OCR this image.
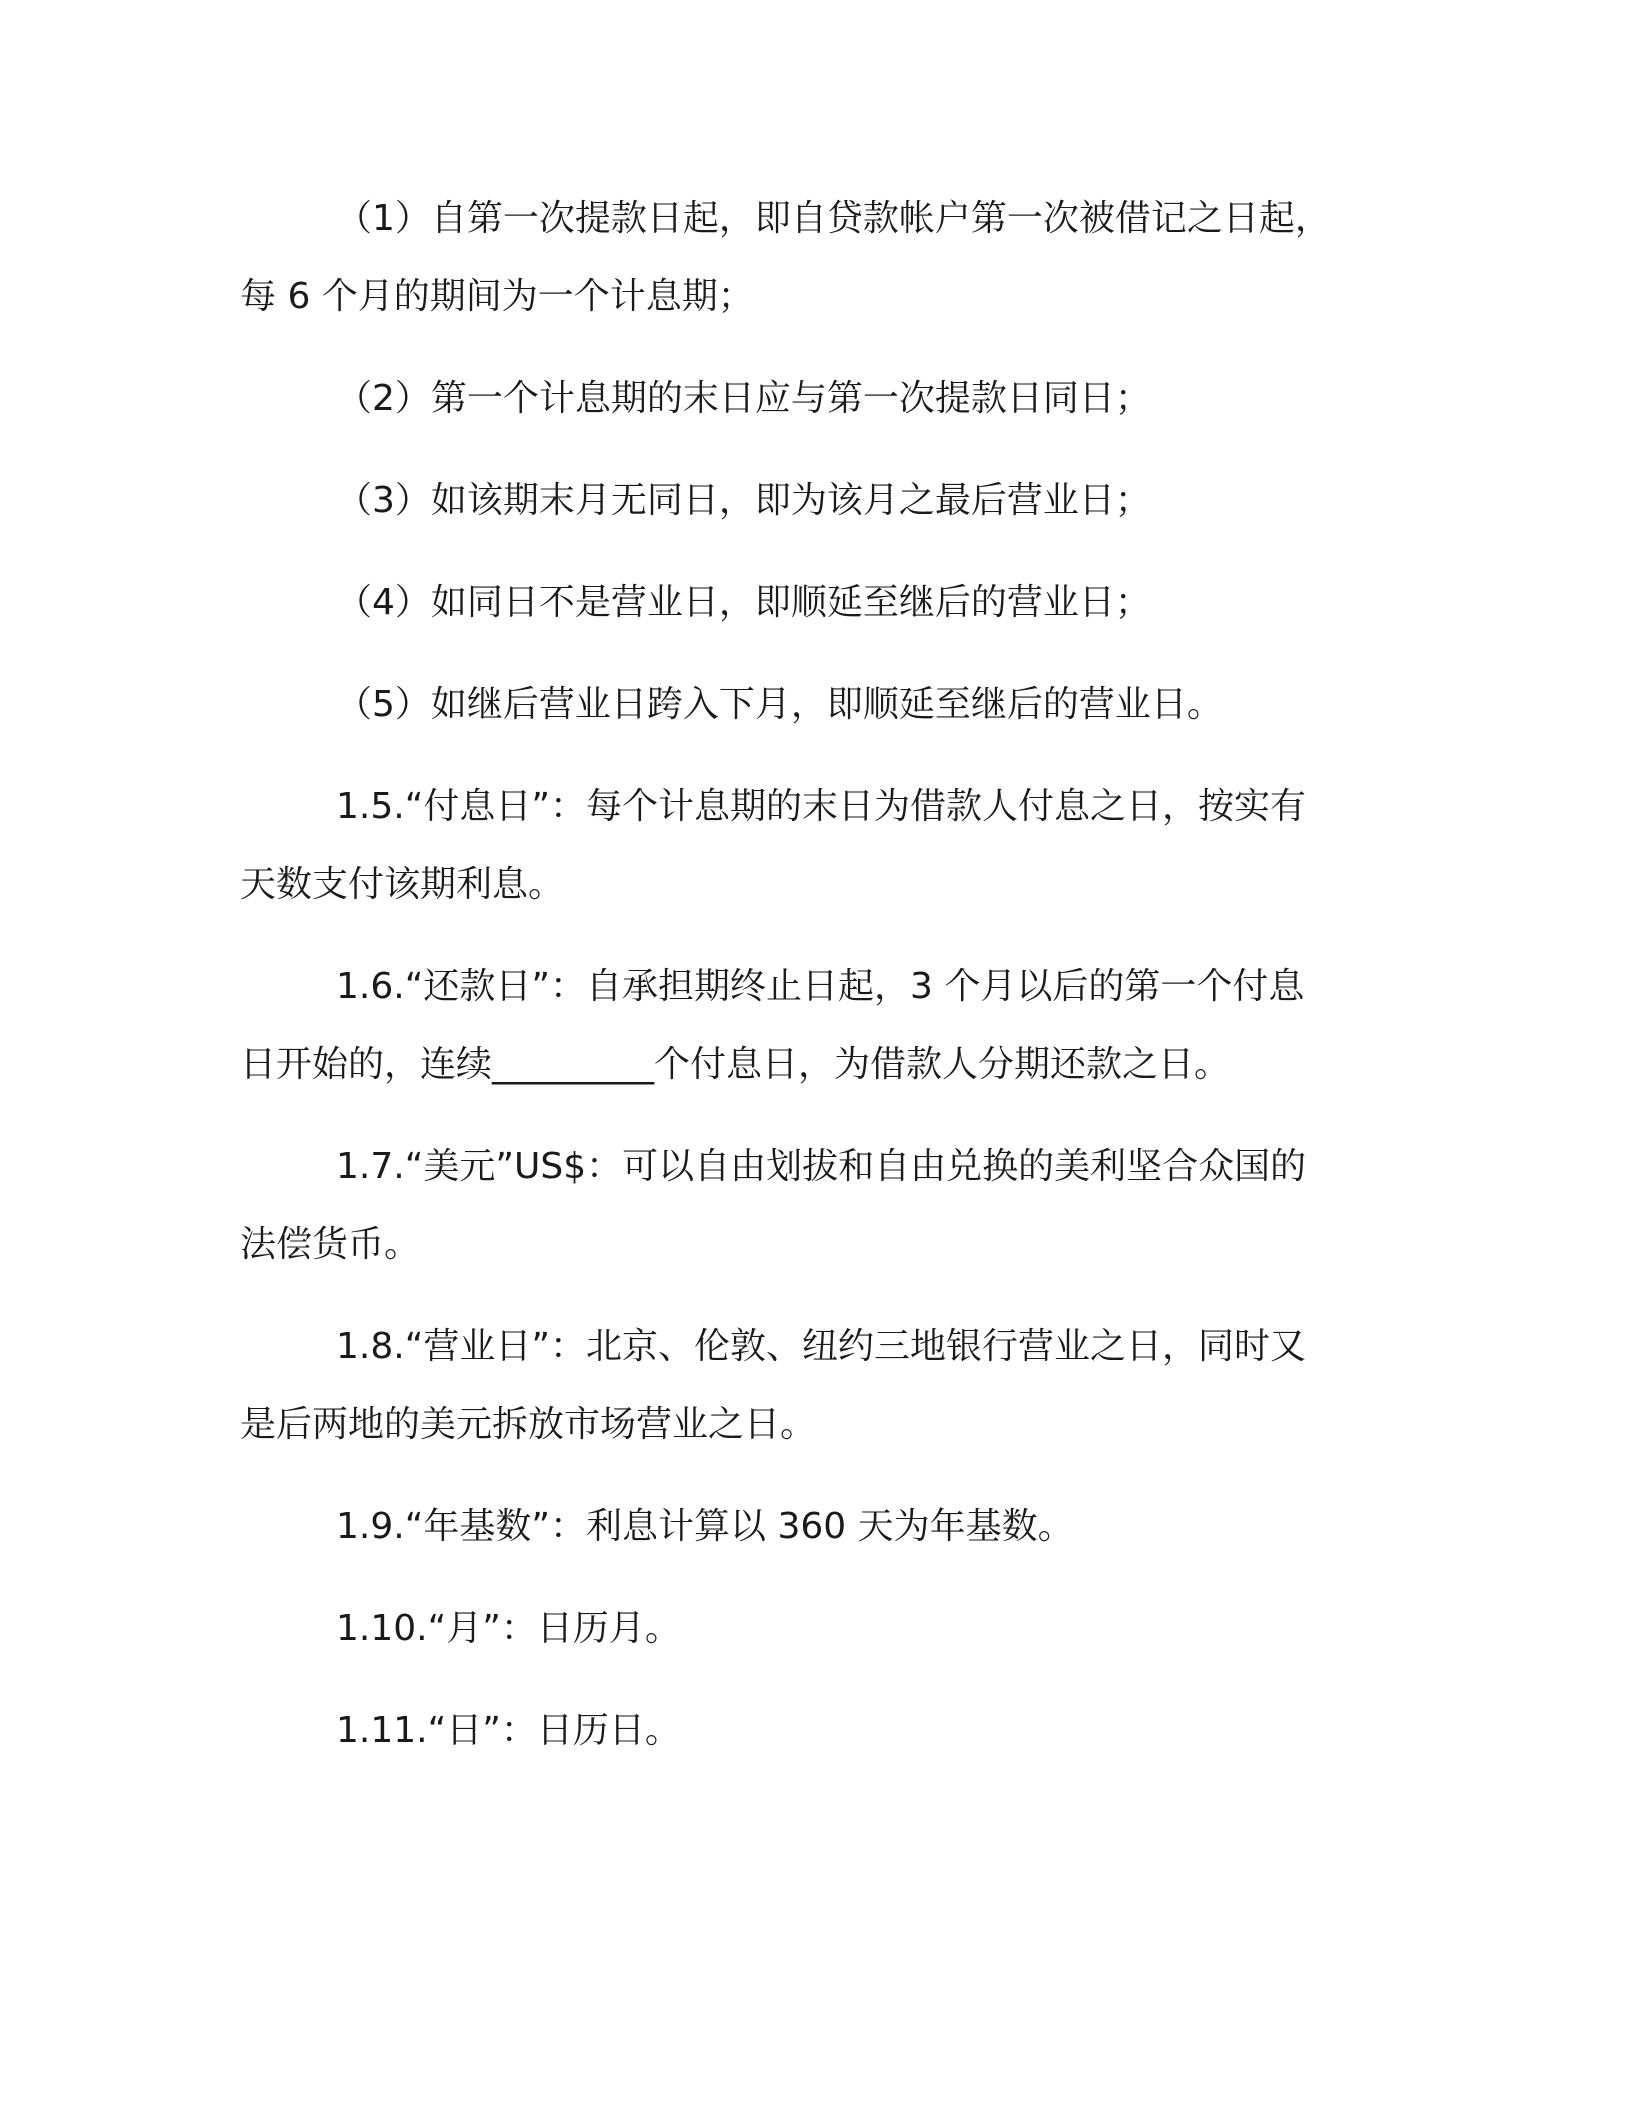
（1）自第一次提款日起，即自贷款帐户第一次被借记之日起，
每 6 个月的期间为一个计息期；

（2）第一个计息期的末日应与第一次提款日同日；

（3）如该期末月无同日，即为该月之最后营业日；

（4）如同日不是营业日，即顺延至继后的营业日；

（5）如继后营业日跨入下月，即顺延至继后的营业日。

1.5.“付息日”：每个计息期的末日为借款人付息之日，按实有
天数支付该期利息。

1.6.“还款日”：自承担期终止日起，3 个月以后的第一个付息
日开始的，连续_________个付息日，为借款人分期还款之日。

1.7.“美元”US$：可以自由划拔和自由兑换的美利坚合众国的
法偿货币。

1.8.“营业日”：北京、伦敦、纽约三地银行营业之日，同时又
是后两地的美元拆放市场营业之日。

1.9.“年基数”：利息计算以 360 天为年基数。

1.10.“月”：日历月。

1.11.“日”：日历日。
